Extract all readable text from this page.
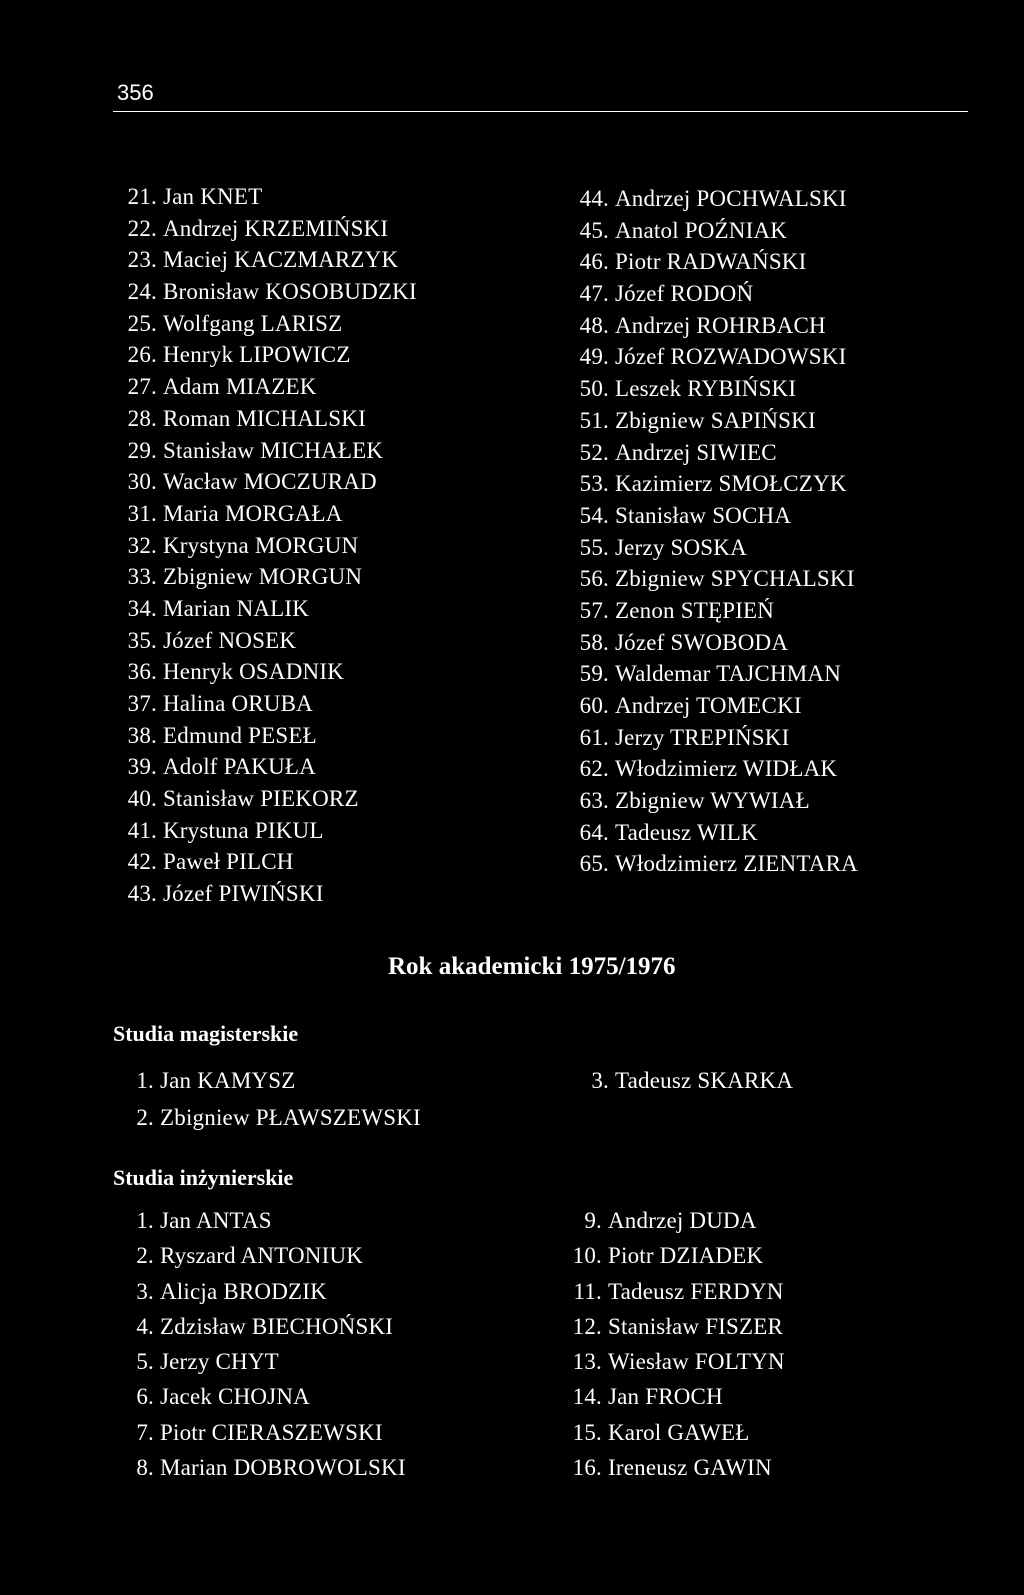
356
21. Jan KNET
22. Andrzej KRZEMIŃSKI
23. Maciej KACZMARZYK
24. Bronisław KOSOBUDZKI
25. Wolfgang LARISZ
26. Henryk LIPOWICZ
27. Adam MIAZEK
28. Roman MICHALSKI
29. Stanisław MICHAŁEK
30. Wacław MOCZURAD
31. Maria MORGAŁA
32. Krystyna MORGUN
33. Zbigniew MORGUN
34. Marian NALIK
35. Józef NOSEK
36. Henryk OSADNIK
37. Halina ORUBA
38. Edmund PESEŁ
39. Adolf PAKUŁA
40. Stanisław PIEKORZ
41. Krystuna PIKUL
42. Paweł PILCH
43. Józef PIWIŃSKI
44. Andrzej POCHWALSKI
45. Anatol POŹNIAK
46. Piotr RADWAŃSKI
47. Józef RODOŃ
48. Andrzej ROHRBACH
49. Józef ROZWADOWSKI
50. Leszek RYBIŃSKI
51. Zbigniew SAPIŃSKI
52. Andrzej SIWIEC
53. Kazimierz SMOŁCZYK
54. Stanisław SOCHA
55. Jerzy SOSKA
56. Zbigniew SPYCHALSKI
57. Zenon STĘPIEŃ
58. Józef SWOBODA
59. Waldemar TAJCHMAN
60. Andrzej TOMECKI
61. Jerzy TREPIŃSKI
62. Włodzimierz WIDŁAK
63. Zbigniew WYWIAŁ
64. Tadeusz WILK
65. Włodzimierz ZIENTARA
Rok akademicki 1975/1976
Studia magisterskie
1. Jan KAMYSZ
2. Zbigniew PŁAWSZEWSKI
3. Tadeusz SKARKA
Studia inżynierskie
1. Jan ANTAS
2. Ryszard ANTONIUK
3. Alicja BRODZIK
4. Zdzisław BIECHOŃSKI
5. Jerzy CHYT
6. Jacek CHOJNA
7. Piotr CIERASZEWSKI
8. Marian DOBROWOLSKI
9. Andrzej DUDA
10. Piotr DZIADEK
11. Tadeusz FERDYN
12. Stanisław FISZER
13. Wiesław FOLTYN
14. Jan FROCH
15. Karol GAWEŁ
16. Ireneusz GAWIN
